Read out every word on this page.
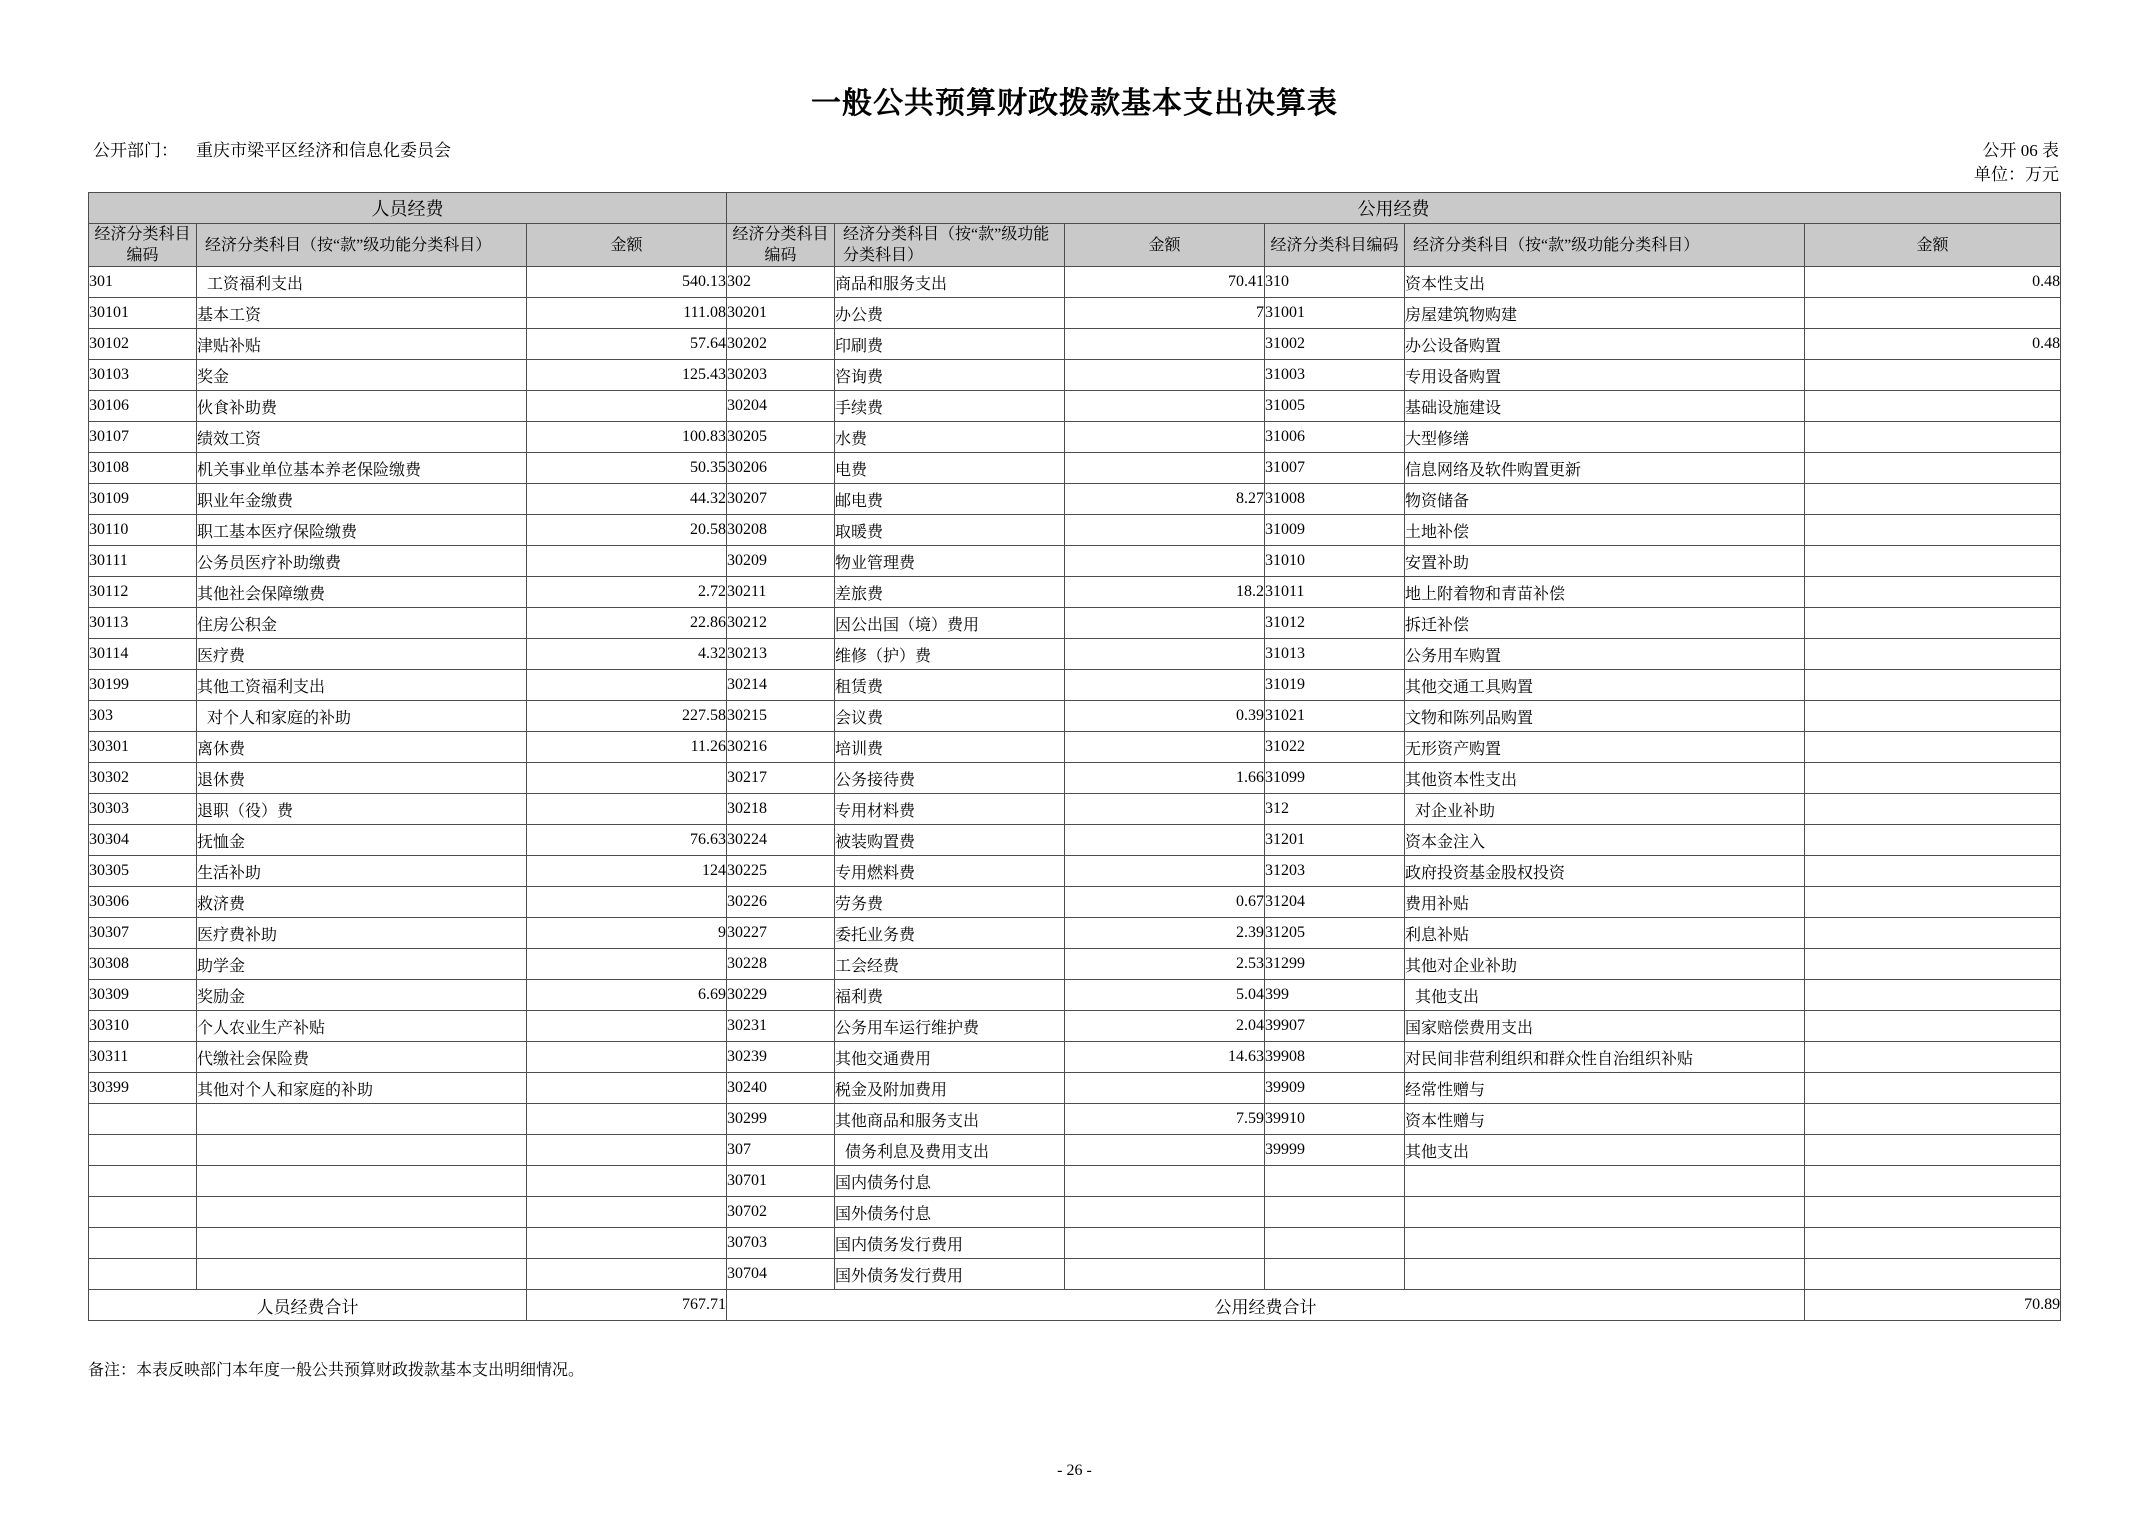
一般公共预算财政拨款基本支出决算表
公开部门： 重庆市梁平区经济和信息化委员会	公开 06 表
单位：万元
人员经费			公用经费					
经济分类科目编码	经济分类科目（按“款”级功能分类科目）	金额	经济分类科目编码	经济分类科目（按“款”级功能分类科目）	金额	经济分类科目编码	经济分类科目（按“款”级功能分类科目）	金额
301	工资福利支出	540.13	302	商品和服务支出	70.41	310	资本性支出	0.48
30101	基本工资	111.08	30201	办公费	7	31001	房屋建筑物购建	
30102	津贴补贴	57.64	30202	印刷费		31002	办公设备购置	0.48
30103	奖金	125.43	30203	咨询费		31003	专用设备购置	
30106	伙食补助费		30204	手续费		31005	基础设施建设	
30107	绩效工资	100.83	30205	水费		31006	大型修缮	
30108	机关事业单位基本养老保险缴费	50.35	30206	电费		31007	信息网络及软件购置更新	
30109	职业年金缴费	44.32	30207	邮电费	8.27	31008	物资储备	
30110	职工基本医疗保险缴费	20.58	30208	取暖费		31009	土地补偿	
30111	公务员医疗补助缴费		30209	物业管理费		31010	安置补助	
30112	其他社会保障缴费	2.72	30211	差旅费	18.2	31011	地上附着物和青苗补偿	
30113	住房公积金	22.86	30212	因公出国（境）费用		31012	拆迁补偿	
30114	医疗费	4.32	30213	维修（护）费		31013	公务用车购置	
30199	其他工资福利支出		30214	租赁费		31019	其他交通工具购置	
303	对个人和家庭的补助	227.58	30215	会议费	0.39	31021	文物和陈列品购置	
30301	离休费	11.26	30216	培训费		31022	无形资产购置	
30302	退休费		30217	公务接待费	1.66	31099	其他资本性支出	
30303	退职（役）费		30218	专用材料费		312	对企业补助	
30304	抚恤金	76.63	30224	被装购置费		31201	资本金注入	
30305	生活补助	124	30225	专用燃料费		31203	政府投资基金股权投资	
30306	救济费		30226	劳务费	0.67	31204	费用补贴	
30307	医疗费补助	9	30227	委托业务费	2.39	31205	利息补贴	
30308	助学金		30228	工会经费	2.53	31299	其他对企业补助	
30309	奖励金	6.69	30229	福利费	5.04	399	其他支出	
30310	个人农业生产补贴		30231	公务用车运行维护费	2.04	39907	国家赔偿费用支出	
30311	代缴社会保险费		30239	其他交通费用	14.63	39908	对民间非营利组织和群众性自治组织补贴	
30399	其他对个人和家庭的补助		30240	税金及附加费用		39909	经常性赠与	
			30299	其他商品和服务支出	7.59	39910	资本性赠与	
			307	债务利息及费用支出		39999	其他支出	
			30701	国内债务付息				
			30702	国外债务付息				
			30703	国内债务发行费用				
			30704	国外债务发行费用				
人员经费合计		767.71	公用经费合计					70.89
备注：本表反映部门本年度一般公共预算财政拨款基本支出明细情况。
- 26 -
